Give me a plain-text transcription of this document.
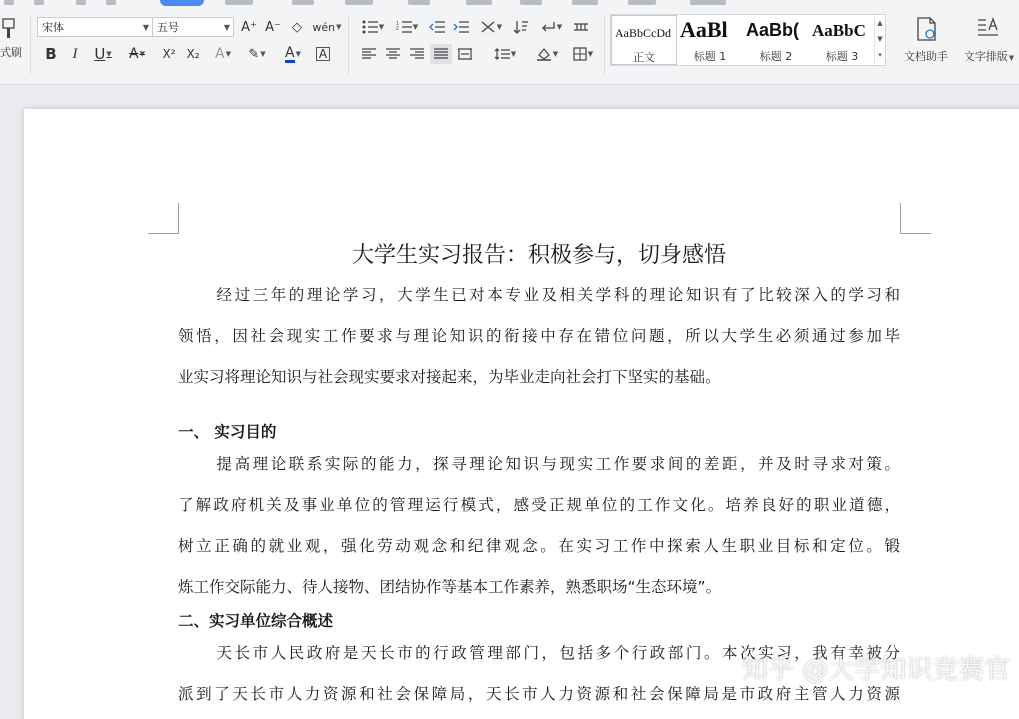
式刷
宋体	▼ 五号	▼ A⁺ A⁻ ◇ wén ▼
B I U ▼ A ▼ X² X₂ A ▼ ✎ ▼ A ▼ A
▼ 1
2 ▼	▼	▼
▼	▼	▼
AaBbCcDd
正文
AaBl
标题 1
AaBb(
标题 2
AaBbC
标题 3
▲
▼
▾	文档助手	文字排版▼
大学生实习报告：积极参与，切身感悟
经过三年的理论学习，大学生已对本专业及相关学科的理论知识有了比较深入的学习和
领悟，因社会现实工作要求与理论知识的衔接中存在错位问题，所以大学生必须通过参加毕
业实习将理论知识与社会现实要求对接起来，为毕业走向社会打下坚实的基础。
一、 实习目的
提高理论联系实际的能力，探寻理论知识与现实工作要求间的差距，并及时寻求对策。
了解政府机关及事业单位的管理运行模式，感受正规单位的工作文化。培养良好的职业道德，
树立正确的就业观，强化劳动观念和纪律观念。在实习工作中探索人生职业目标和定位。锻
炼工作交际能力、待人接物、团结协作等基本工作素养，熟悉职场“生态环境”。
二、实习单位综合概述
天长市人民政府是天长市的行政管理部门，包括多个行政部门。本次实习，我有幸被分
派到了天长市人力资源和社会保障局，天长市人力资源和社会保障局是市政府主管人力资源
知乎 @大学知识竞赛官
